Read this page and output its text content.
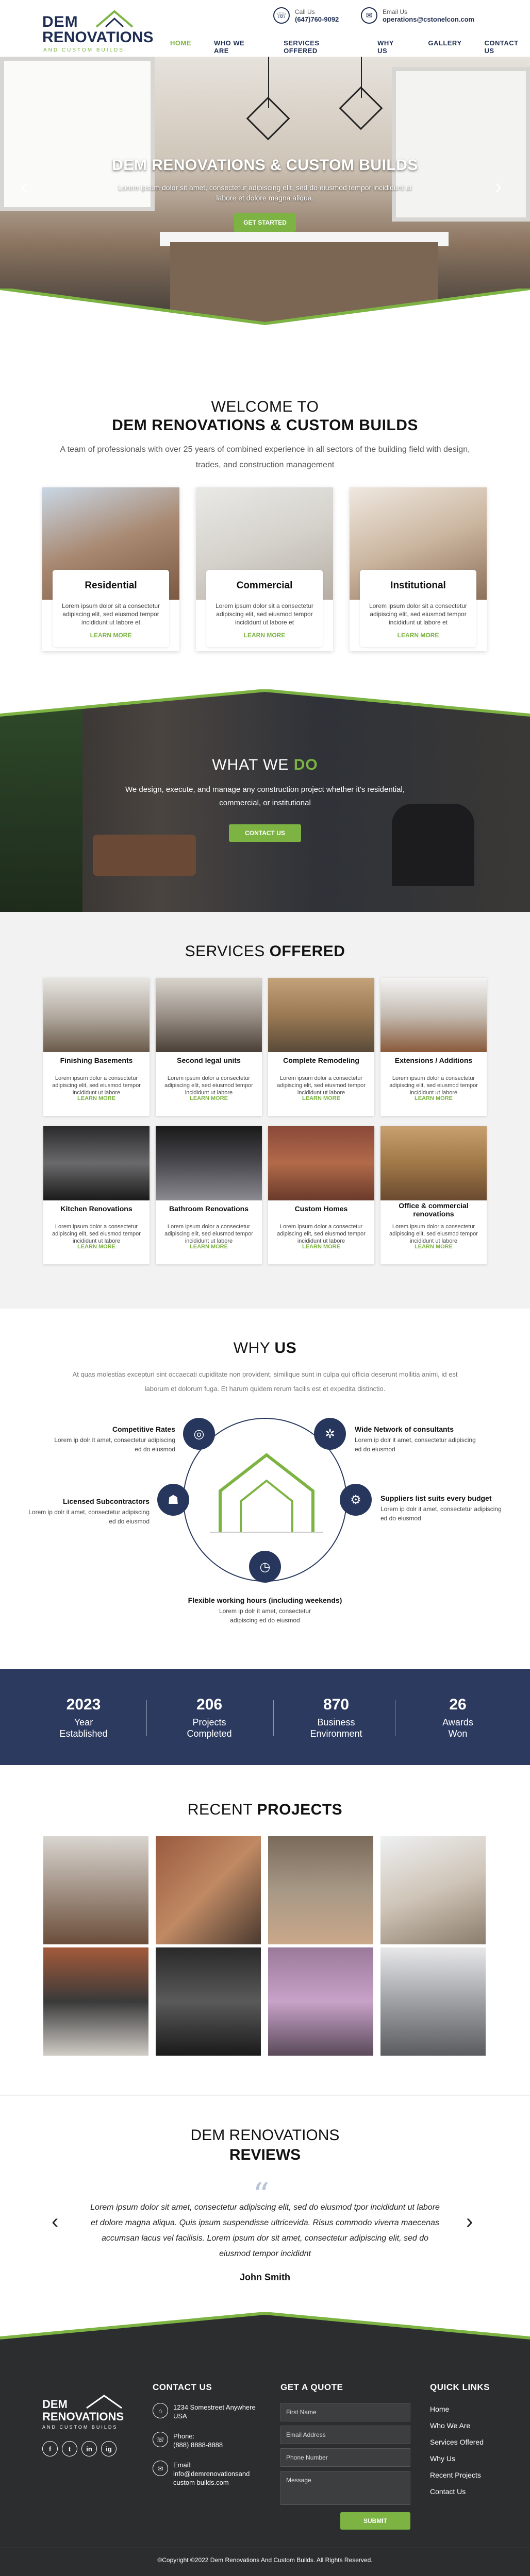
DEM
RENOVATIONS
AND CUSTOM BUILDS
☏	Call Us
(647)760-9092	✉	Email Us
operations@cstonelcon.com
HOME	WHO WE ARE
SERVICES OFFERED
WHY US
GALLERY	CONTACT US
DEM RENOVATIONS & CUSTOM BUILDS
Lorem ipsum dolor sit amet, consectetur adipiscing elit, sed do eiusmod tempor incididunt ut labore et dolore magna aliqua.
GET STARTED
‹	›
WELCOME TO
DEM RENOVATIONS & CUSTOM BUILDS
A team of professionals with over 25 years of combined experience in all sectors of the building field with design, trades, and construction management
Residential

Lorem ipsum dolor sit a consectetur adipiscing elit, sed eiusmod tempor incididunt ut labore et

LEARN MORE
Commercial

Lorem ipsum dolor sit a consectetur adipiscing elit, sed eiusmod tempor incididunt ut labore et

LEARN MORE
Institutional

Lorem ipsum dolor sit a consectetur adipiscing elit, sed eiusmod tempor incididunt ut labore et

LEARN MORE
WHAT WE DO
We design, execute, and manage any construction project whether it's residential, commercial, or institutional
CONTACT US
SERVICES OFFERED
Finishing Basements

Lorem ipsum dolor a consectetur adipiscing elit, sed eiusmod tempor incididunt ut labore

LEARN MORE
Second legal units

Lorem ipsum dolor a consectetur adipiscing elit, sed eiusmod tempor incididunt ut labore

LEARN MORE
Complete Remodeling

Lorem ipsum dolor a consectetur adipiscing elit, sed eiusmod tempor incididunt ut labore

LEARN MORE
Extensions / Additions

Lorem ipsum dolor a consectetur adipiscing elit, sed eiusmod tempor incididunt ut labore

LEARN MORE
Kitchen Renovations

Lorem ipsum dolor a consectetur adipiscing elit, sed eiusmod tempor incididunt ut labore

LEARN MORE
Bathroom Renovations

Lorem ipsum dolor a consectetur adipiscing elit, sed eiusmod tempor incididunt ut labore

LEARN MORE
Custom Homes

Lorem ipsum dolor a consectetur adipiscing elit, sed eiusmod tempor incididunt ut labore

LEARN MORE
Office & commercial renovations

Lorem ipsum dolor a consectetur adipiscing elit, sed eiusmod tempor incididunt ut labore

LEARN MORE
WHY US
At quas molestias excepturi sint occaecati cupiditate non provident, similique sunt in culpa qui officia deserunt mollitia animi, id est laborum et dolorum fuga. Et harum quidem rerum facilis est et expedita distinctio.
◎	✲
☗	⚙
◷
Competitive Rates

Lorem ip dolr it amet, consectetur adipiscing ed do eiusmod

Wide Network of consultants

Lorem ip dolr it amet, consectetur adipiscing ed do eiusmod

Licensed Subcontractors

Lorem ip dolr it amet, consectetur adipiscing ed do eiusmod

Suppliers list suits every budget

Lorem ip dolr it amet, consectetur adipiscing ed do eiusmod

Flexible working hours (including weekends)

Lorem ip dolr it amet, consectetur adipiscing ed do eiusmod

2023
Year
Established
206
Projects
Completed
870
Business
Environment
26
Awards
Won
RECENT PROJECTS
DEM RENOVATIONS
REVIEWS
“
Lorem ipsum dolor sit amet, consectetur adipiscing elit, sed do eiusmod tpor incididunt ut labore et dolore magna aliqua. Quis ipsum suspendisse ultricevida. Risus commodo viverra maecenas accumsan lacus vel facilisis. Lorem ipsum dor sit amet, consectetur adipiscing elit, sed do eiusmod tempor incididnt
John Smith
‹	›
DEM
RENOVATIONS
AND CUSTOM BUILDS
f	t	in	ig
CONTACT US
⌂	1234 Somestreet Anywhere USA
☏	Phone:
(888) 8888-8888
✉	Email:
info@demrenovationsand custom builds.com
GET A QUOTE
First Name
Email Address
Phone Number
Message
SUBMIT
QUICK LINKS
Home
Who We Are
Services Offered
Why Us
Recent Projects
Contact Us
©Copyright ©2022 Dem Renovations And Custom Builds. All Rights Reserved.
